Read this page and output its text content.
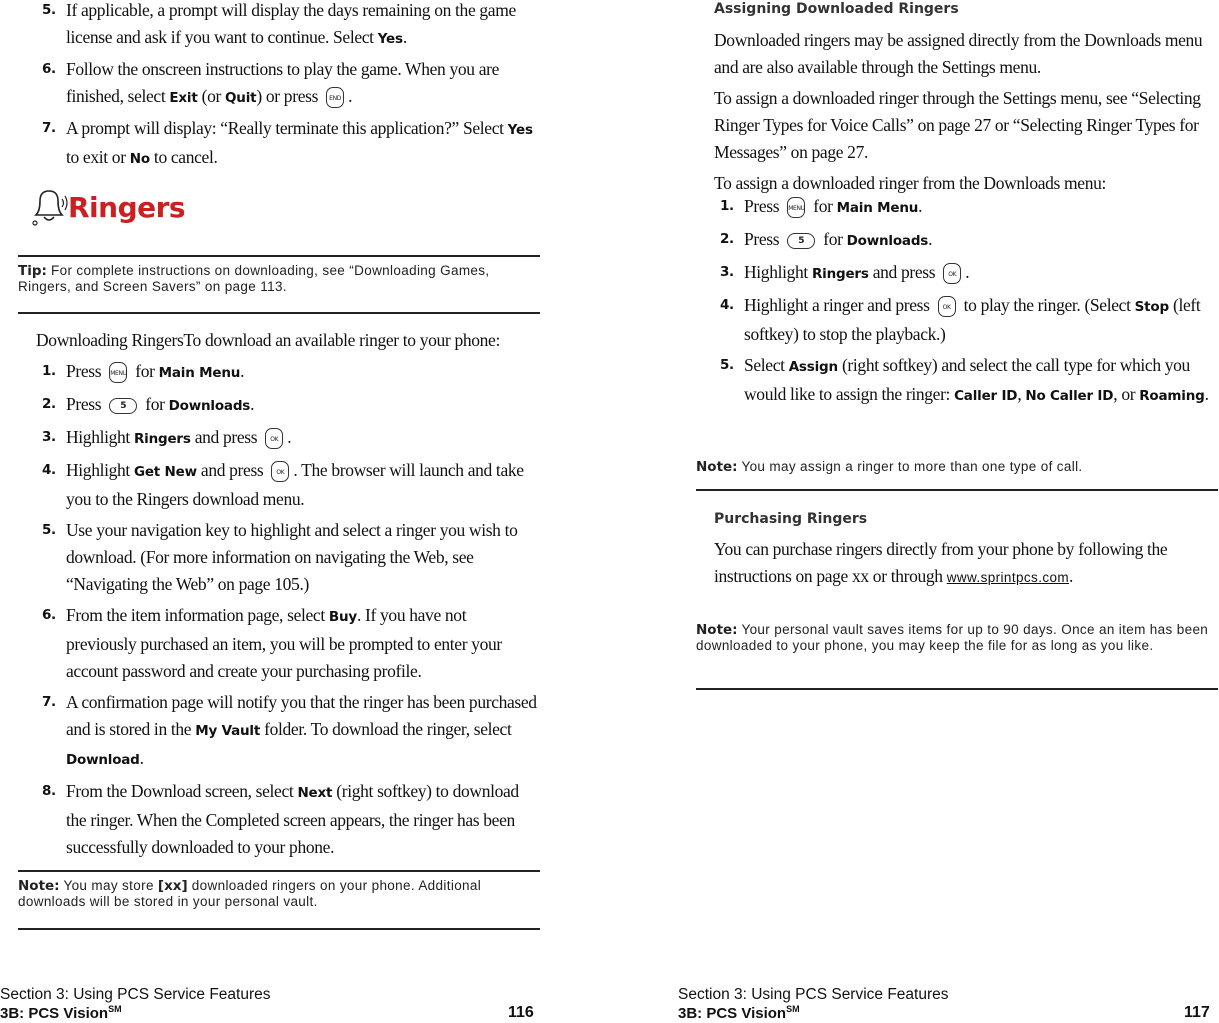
5. If applicable, a prompt will display the days remaining on the game license and ask if you want to continue. Select Yes.
6. Follow the onscreen instructions to play the game. When you are finished, select Exit (or Quit) or press END .
7. A prompt will display: “Really terminate this application?” Select Yes to exit or No to cancel.
Ringers
Tip: For complete instructions on downloading, see “Downloading Games, Ringers, and Screen Savers” on page 113.
Downloading RingersTo download an available ringer to your phone:
1. Press MENU for Main Menu.
2. Press 5 for Downloads.
3. Highlight Ringers and press OK .
4. Highlight Get New and press OK . The browser will launch and take you to the Ringers download menu.
5. Use your navigation key to highlight and select a ringer you wish to download. (For more information on navigating the Web, see “Navigating the Web” on page 105.)
6. From the item information page, select Buy. If you have not previously purchased an item, you will be prompted to enter your account password and create your purchasing profile.
7. A confirmation page will notify you that the ringer has been purchased and is stored in the My Vault folder. To download the ringer, select Download.
8. From the Download screen, select Next (right softkey) to download the ringer. When the Completed screen appears, the ringer has been successfully downloaded to your phone.
Note: You may store [xx] downloaded ringers on your phone. Additional downloads will be stored in your personal vault.
Section 3: Using PCS Service Features
3B: PCS Vision℠	116
Assigning Downloaded Ringers
Downloaded ringers may be assigned directly from the Downloads menu and are also available through the Settings menu.
To assign a downloaded ringer through the Settings menu, see “Selecting Ringer Types for Voice Calls” on page 27 or “Selecting Ringer Types for Messages” on page 27.
To assign a downloaded ringer from the Downloads menu:
1. Press MENU for Main Menu.
2. Press 5 for Downloads.
3. Highlight Ringers and press OK .
4. Highlight a ringer and press OK to play the ringer. (Select Stop (left softkey) to stop the playback.)
5. Select Assign (right softkey) and select the call type for which you would like to assign the ringer: Caller ID, No Caller ID, or Roaming.
Note: You may assign a ringer to more than one type of call.
Purchasing Ringers
You can purchase ringers directly from your phone by following the instructions on page xx or through www.sprintpcs.com.
Note: Your personal vault saves items for up to 90 days. Once an item has been downloaded to your phone, you may keep the file for as long as you like.
Section 3: Using PCS Service Features
3B: PCS Vision℠	117
